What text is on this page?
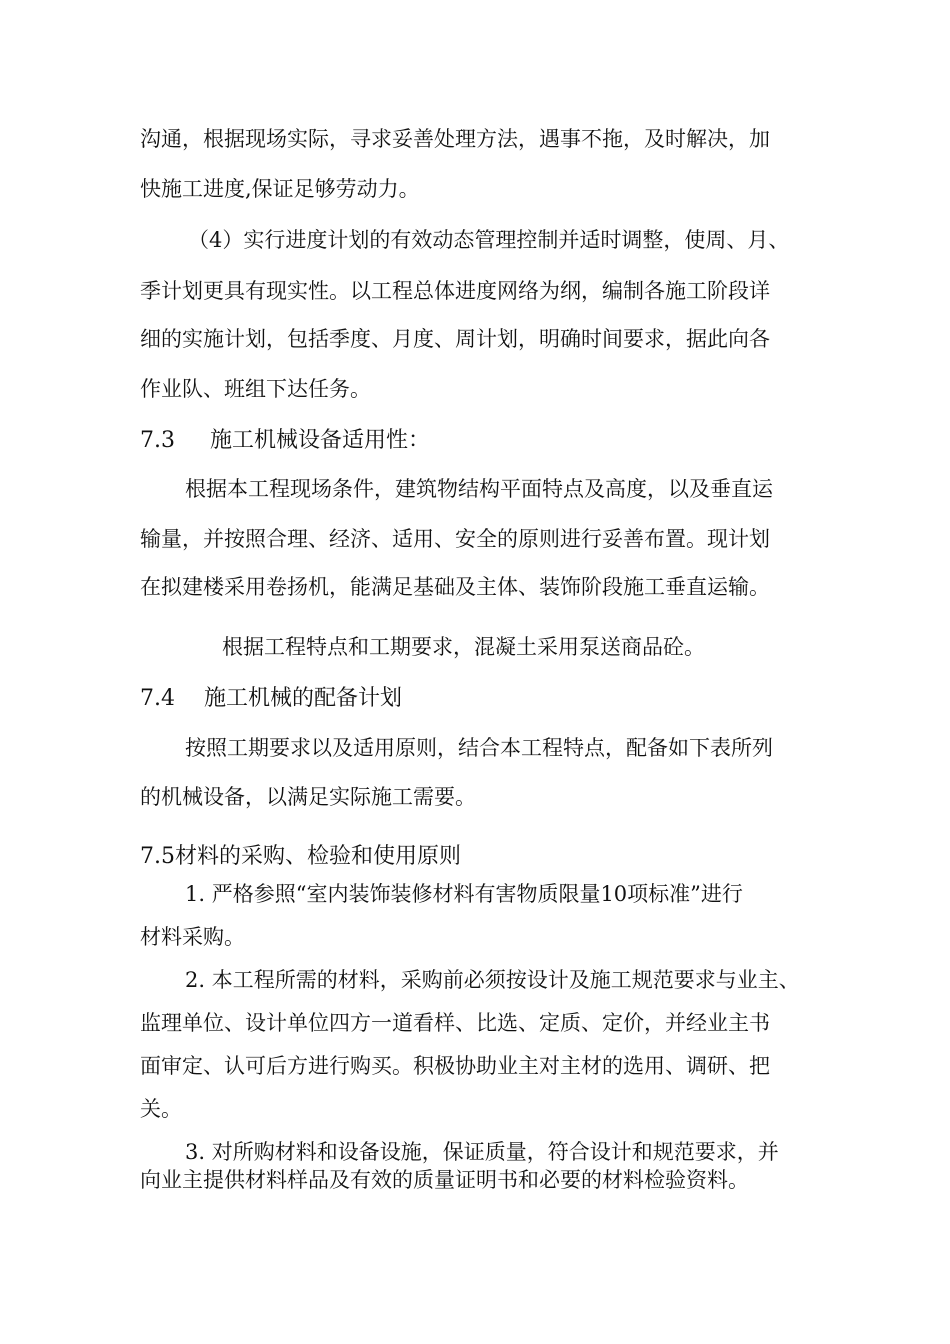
沟通，根据现场实际，寻求妥善处理方法，遇事不拖，及时解决，加
快施工进度,保证足够劳动力。
（4）实行进度计划的有效动态管理控制并适时调整，使周、月、
季计划更具有现实性。以工程总体进度网络为纲，编制各施工阶段详
细的实施计划，包括季度、月度、周计划，明确时间要求，据此向各
作业队、班组下达任务。
7.3 施工机械设备适用性：
根据本工程现场条件，建筑物结构平面特点及高度，以及垂直运
输量，并按照合理、经济、适用、安全的原则进行妥善布置。现计划
在拟建楼采用卷扬机，能满足基础及主体、装饰阶段施工垂直运输。
根据工程特点和工期要求，混凝土采用泵送商品砼。
7.4 施工机械的配备计划
按照工期要求以及适用原则，结合本工程特点，配备如下表所列
的机械设备，以满足实际施工需要。
7.5材料的采购、检验和使用原则
1. 严格参照“室内装饰装修材料有害物质限量10项标准”进行
材料采购。
2. 本工程所需的材料，采购前必须按设计及施工规范要求与业主、
监理单位、设计单位四方一道看样、比选、定质、定价，并经业主书
面审定、认可后方进行购买。积极协助业主对主材的选用、调研、把
关。
3. 对所购材料和设备设施，保证质量，符合设计和规范要求，并
向业主提供材料样品及有效的质量证明书和必要的材料检验资料。
